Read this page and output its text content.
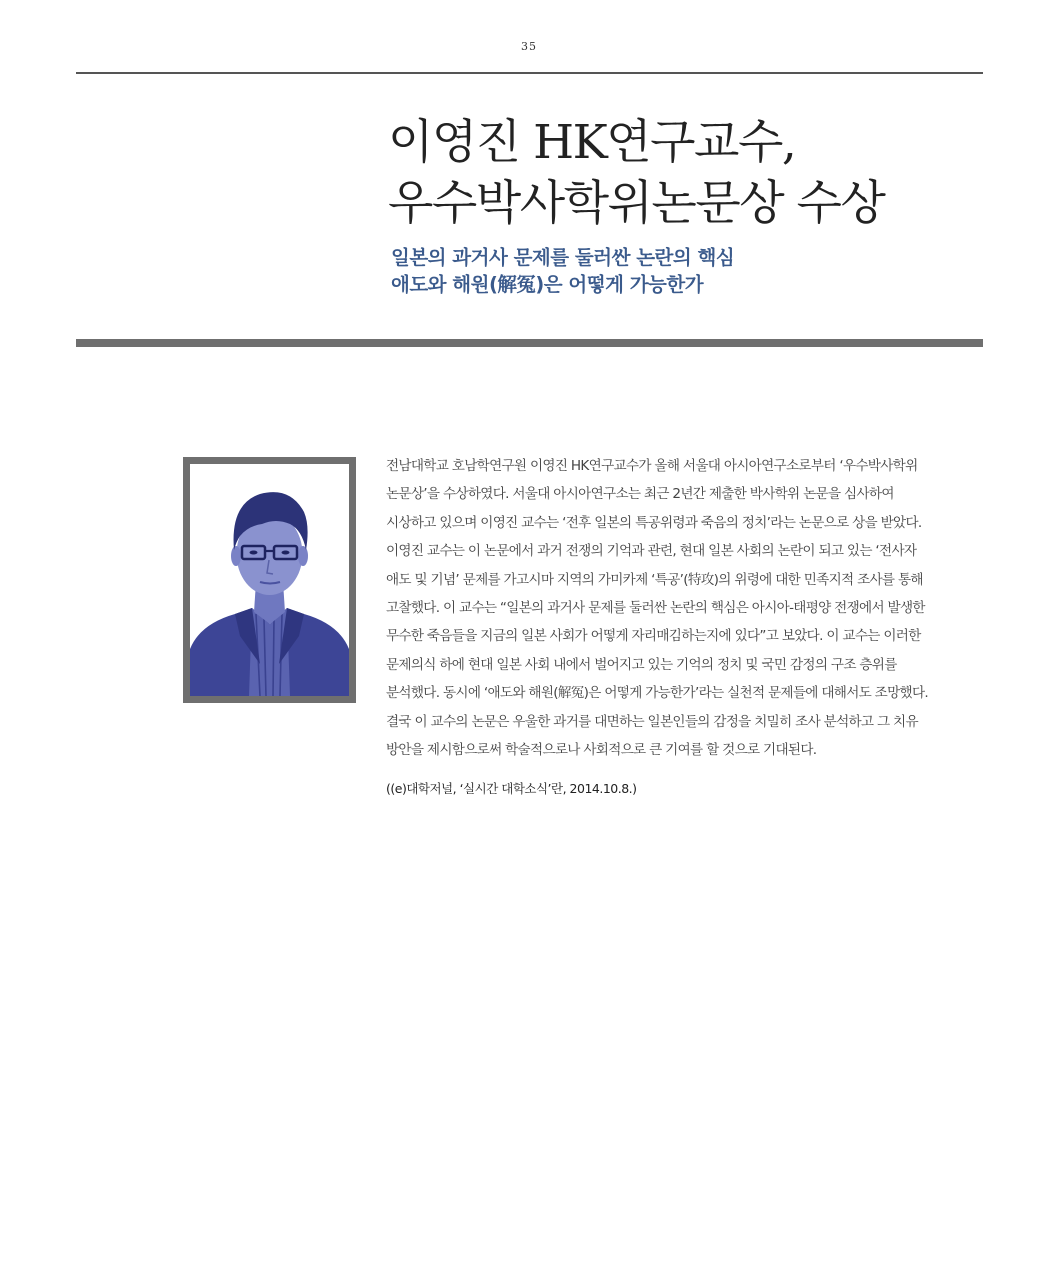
35
이영진 HK연구교수,
우수박사학위논문상 수상
일본의 과거사 문제를 둘러싼 논란의 핵심
애도와 해원(解冤)은 어떻게 가능한가
전남대학교 호남학연구원 이영진 HK연구교수가 올해 서울대 아시아연구소로부터 ‘우수박사학위
논문상’을 수상하였다. 서울대 아시아연구소는 최근 2년간 제출한 박사학위 논문을 심사하여
시상하고 있으며 이영진 교수는 ‘전후 일본의 특공위령과 죽음의 정치’라는 논문으로 상을 받았다.
이영진 교수는 이 논문에서 과거 전쟁의 기억과 관련, 현대 일본 사회의 논란이 되고 있는 ‘전사자
애도 및 기념’ 문제를 가고시마 지역의 가미카제 ‘특공’(特攻)의 위령에 대한 민족지적 조사를 통해
고찰했다. 이 교수는 “일본의 과거사 문제를 둘러싼 논란의 핵심은 아시아-태평양 전쟁에서 발생한
무수한 죽음들을 지금의 일본 사회가 어떻게 자리매김하는지에 있다”고 보았다. 이 교수는 이러한
문제의식 하에 현대 일본 사회 내에서 벌어지고 있는 기억의 정치 및 국민 감정의 구조 층위를
분석했다. 동시에 ‘애도와 해원(解冤)은 어떻게 가능한가’라는 실천적 문제들에 대해서도 조망했다.
결국 이 교수의 논문은 우울한 과거를 대면하는 일본인들의 감정을 치밀히 조사 분석하고 그 치유
방안을 제시함으로써 학술적으로나 사회적으로 큰 기여를 할 것으로 기대된다.
((e)대학저널, ‘실시간 대학소식’란, 2014.10.8.)
